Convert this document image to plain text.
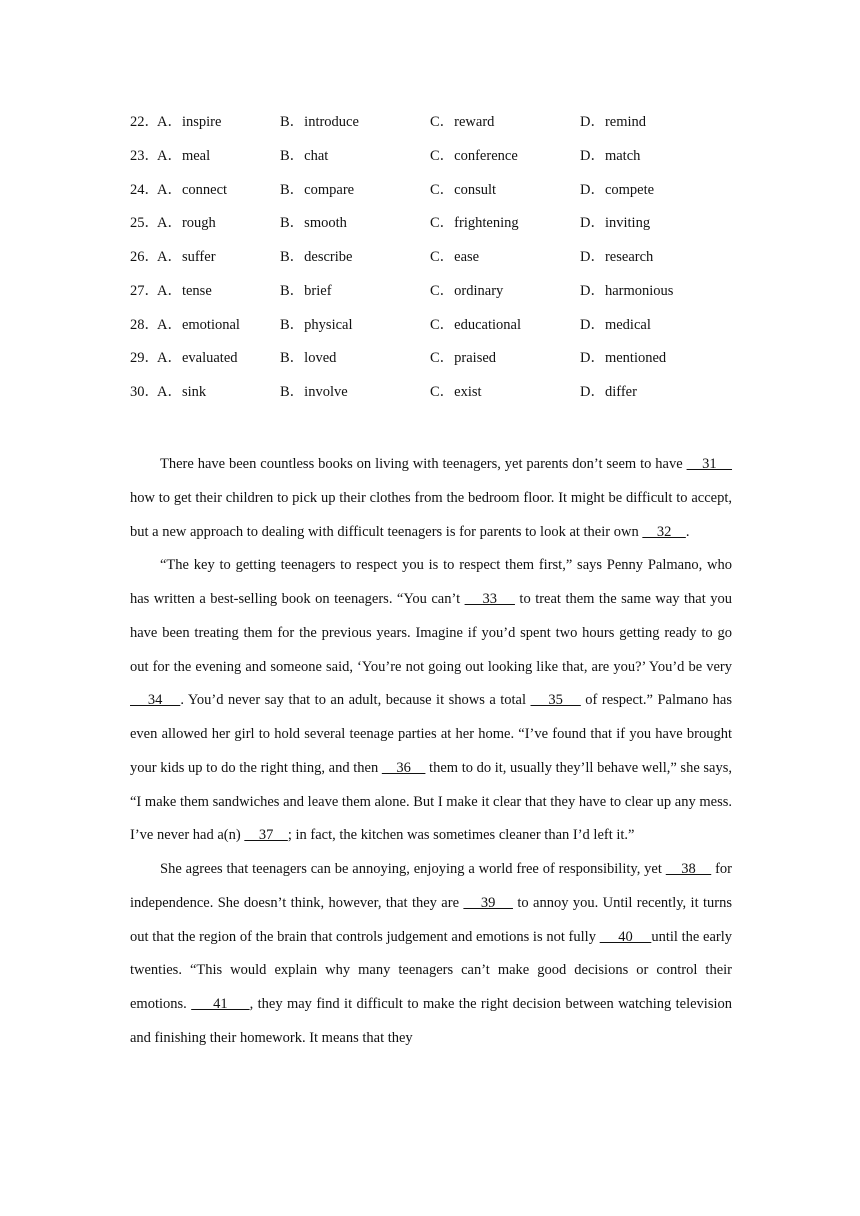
22．
A．inspire	B．introduce	C．reward	D．remind
23．
A．meal	B．chat	C．conference	D．match
24．
A．connect	B．compare	C．consult	D．compete
25．
A．rough	B．smooth	C．frightening	D．inviting
26．
A．suffer	B．describe	C．ease	D．research
27．
A．tense	B．brief	C．ordinary	D．harmonious
28．
A．emotional	B．physical	C．educational	D．medical
29．
A．evaluated	B．loved	C．praised	D．mentioned
30．
A．sink	B．involve	C．exist	D．differ

There have been countless books on living with teenagers, yet parents don’t seem to have     31     how to get their children to pick up their clothes from the bedroom floor. It might be difficult to accept, but a new approach to dealing with difficult teenagers is for parents to look at their own     32    .

“The key to getting teenagers to respect you is to respect them first,” says Penny Palmano, who has written a best-selling book on teenagers. “You can’t     33     to treat them the same way that you have been treating them for the previous years. Imagine if you’d spent two hours getting ready to go out for the evening and someone said, ‘You’re not going out looking like that, are you?’ You’d be very     34    . You’d never say that to an adult, because it shows a total     35     of respect.” Palmano has even allowed her girl to hold several teenage parties at her home. “I’ve found that if you have brought your kids up to do the right thing, and then     36     them to do it, usually they’ll behave well,” she says, “I make them sandwiches and leave them alone. But I make it clear that they have to clear up any mess. I’ve never had a(n)     37    ; in fact, the kitchen was sometimes cleaner than I’d left it.”

She agrees that teenagers can be annoying, enjoying a world free of responsibility, yet     38     for independence. She doesn’t think, however, that they are     39     to annoy you. Until recently, it turns out that the region of the brain that controls judgement and emotions is not fully      40     until the early twenties. “This would explain why many teenagers can’t make good decisions or control their emotions.      41     , they may find it difficult to make the right decision between watching television and finishing their homework. It means that they
